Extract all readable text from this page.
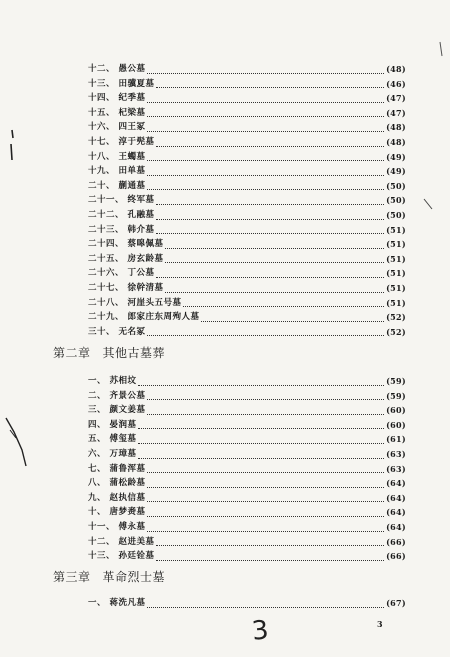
十二、 愚公墓	(48)
十三、 田骥夏墓	(46)
十四、 纪季墓	(47)
十五、 杞梁墓	(47)
十六、 四王冢	(48)
十七、 淳于髡墓	(48)
十八、 王蠋墓	(49)
十九、 田单墓	(49)
二十、 蒯通墓	(50)
二十一、 终军墓	(50)
二十二、 孔融墓	(50)
二十三、 韩介墓	(51)
二十四、 蔡嗥佩墓	(51)
二十五、 房玄龄墓	(51)
二十六、 丁公墓	(51)
二十七、 徐幹清墓	(51)
二十八、 河崖头五号墓	(51)
二十九、 郎家庄东周殉人墓	(52)
三十、 无名冢	(52)
第二章 其他古墓葬
一、 苏相坟	(59)
二、 齐景公墓	(59)
三、 颜文姜墓	(60)
四、 晏润墓	(60)
五、 傅玺墓	(61)
六、 万璋墓	(63)
七、 蒲鲁浑墓	(63)
八、 蒲松龄墓	(64)
九、 赵执信墓	(64)
十、 唐梦赉墓	(64)
十一、 傅永墓	(64)
十二、 赵进美墓	(66)
十三、 孙廷铨墓	(66)
第三章 革命烈士墓
一、 蒋洗凡墓	(67)
3	3
